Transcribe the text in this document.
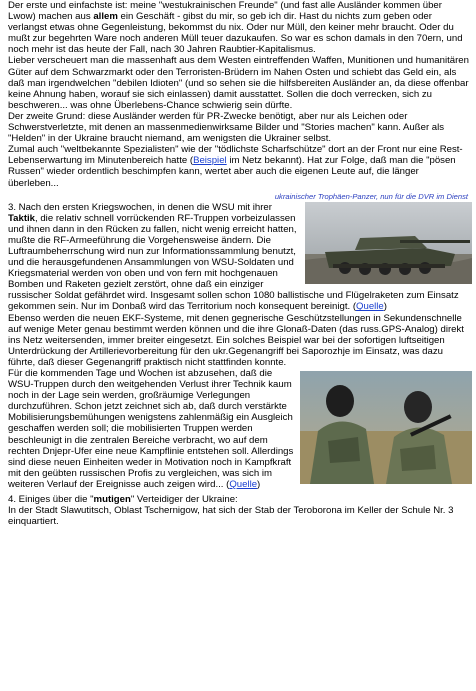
Der erste und einfachste ist: meine "westukrainischen Freunde" (und fast alle Ausländer kommen über Lwow) machen aus allem ein Geschäft - gibst du mir, so geb ich dir. Hast du nichts zum geben oder verlangst etwas ohne Gegenleistung, bekommst du nix. Oder nur Müll, den keiner mehr braucht. Oder du mußt zur begehrten Ware noch anderen Müll teuer dazukaufen. So war es schon damals in den 70ern, und noch mehr ist das heute der Fall, nach 30 Jahren Raubtier-Kapitalismus.

Lieber verscheuert man die massenhaft aus dem Westen eintreffenden Waffen, Munitionen und humanitären Güter auf dem Schwarzmarkt oder den Terroristen-Brüdern im Nahen Osten und schiebt das Geld ein, als daß man irgendwelchen "debilen Idioten" (und so sehen sie die hilfsbereiten Ausländer an, da diese offenbar keine Ahnung haben, worauf sie sich einlassen) damit ausstattet. Sollen die doch verrecken, sich zu beschweren... was ohne Überlebens-Chance schwierig sein dürfte.

Der zweite Grund: diese Ausländer werden für PR-Zwecke benötigt, aber nur als Leichen oder Schwerstverletzte, mit denen an massenmedienwirksame Bilder und "Stories machen" kann. Außer als "Helden" in der Ukraine braucht niemand, am wenigsten die Ukrainer selbst.

Zumal auch "weltbekannte Spezialisten" wie der "tödlichste Scharfschütze" dort an der Front nur eine Rest-Lebenserwartung im Minutenbereich hatte (Beispiel im Netz bekannt). Hat zur Folge, daß man die "pösen Russen" wieder ordentlich beschimpfen kann, wertet aber auch die eigenen Leute auf, die länger überleben...

ukrainischer Trophäen-Panzer, nun für die DVR im Dienst

3. Nach den ersten Kriegswochen, in denen die WSU mit ihrer Taktik, die relativ schnell vorrückenden RF-Truppen vorbeizulassen und ihnen dann in den Rücken zu fallen, nicht wenig erreicht hatten, mußte die RF-Armeeführung die Vorgehensweise ändern. Die Luftraumbeherrschung wird nun zur Informationssammlung benutzt, und die herausgefundenen Ansammlungen von WSU-Soldaten und Kriegsmaterial werden von oben und von fern mit hochgenauen Bomben und Raketen gezielt zerstört, ohne daß ein einziger russischer Soldat gefährdet wird. Insgesamt sollen schon 1080 ballistische und Flügelraketen zum Einsatz gekommen sein. Nur im Donbaß wird das Territorium noch konsequent bereinigt. (Quelle)

Ebenso werden die neuen EKF-Systeme, mit denen gegnerische Geschützstellungen in Sekundenschnelle auf wenige Meter genau bestimmt werden können und die ihre Glonaß-Daten (das russ.GPS-Analog) direkt ins Netz weitersenden, immer breiter eingesetzt. Ein solches Beispiel war bei der sofortigen luftseitigen Unterdrückung der Artillerievorbereitung für den ukr.Gegenangriff bei Saporozhje im Einsatz, was dazu führte, daß dieser Gegenangriff praktisch nicht stattfinden konnte.

Für die kommenden Tage und Wochen ist abzusehen, daß die WSU-Truppen durch den weitgehenden Verlust ihrer Technik kaum noch in der Lage sein werden, großräumige Verlegungen durchzuführen. Schon jetzt zeichnet sich ab, daß durch verstärkte Mobilisierungsbemühungen wenigstens zahlenmäßig ein Ausgleich geschaffen werden soll; die mobilisierten Truppen werden beschleunigt in die zentralen Bereiche verbracht, wo auf dem rechten Dnjepr-Ufer eine neue Kampflinie entstehen soll. Allerdings sind diese neuen Einheiten weder in Motivation noch in Kampfkraft mit den geübten russischen Profis zu vergleichen, was sich im weiteren Verlauf der Ereignisse auch zeigen wird... (Quelle)

4. Einiges über die "mutigen" Verteidiger der Ukraine:

In der Stadt Slawutitsch, Oblast Tschernigow, hat sich der Stab der Teroborona im Keller der Schule Nr. 3 einquartiert.
